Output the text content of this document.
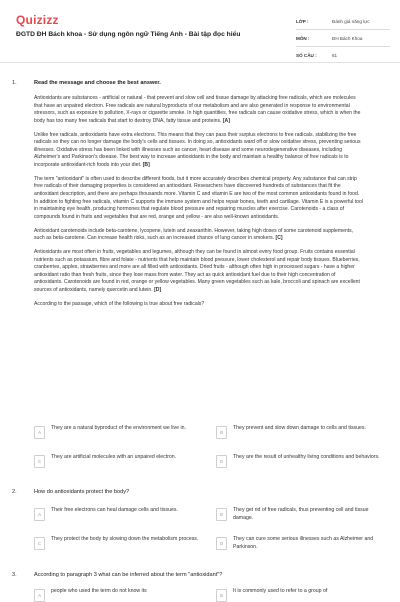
Quizizz
ĐGTD ĐH Bách khoa - Sử dụng ngôn ngữ Tiếng Anh - Bài tập đọc hiểu
LỚP :	Đánh giá năng lực
MÔN :	ĐH Bách Khoa
SỐ CÂU :	61
1.	Read the message and choose the best answer.

Antioxidants are substances - artificial or natural - that prevent and slow cell and tissue damage by attacking free radicals, which are molecules that have an unpaired electron. Free radicals are natural byproducts of our metabolism and are also generated in response to environmental stressors, such as exposure to pollution, X-rays or cigarette smoke. In high quantities, free radicals can cause oxidative stress, which is when the body has too many free radicals that start to destroy DNA, fatty tissue and proteins. [A]

Unlike free radicals, antioxidants have extra electrons. This means that they can pass their surplus electrons to free radicals, stabilizing the free radicals so they can no longer damage the body's cells and tissues. In doing so, antioxidants ward off or slow oxidative stress, preventing serious illnesses. Oxidative stress has been linked with illnesses such as cancer, heart disease and some neurodegenerative diseases, including Alzheimer's and Parkinson's disease. The best way to increase antioxidants in the body and maintain a healthy balance of free radicals is to incorporate antioxidant-rich foods into your diet. [B]

The term "antioxidant" is often used to describe different foods, but it more accurately describes chemical property. Any substance that can strip free radicals of their damaging properties is considered an antioxidant. Researchers have discovered hundreds of substances that fit the antioxidant description, and there are perhaps thousands more. Vitamin C and vitamin E are two of the most common antioxidants found in food. In addition to fighting free radicals, vitamin C supports the immune system and helps repair bones, teeth and cartilage. Vitamin E is a powerful tool in maintaining eye health, producing hormones that regulate blood pressure and repairing muscles after exercise. Carotenoids - a class of compounds found in fruits and vegetables that are red, orange and yellow - are also well-known antioxidants.

Antioxidant carotenoids include beta-carotene, lycopene, lutein and zeaxanthin. However, taking high doses of some carotenoid supplements, such as beta-carotene. Can increase health risks, such as an increased chance of lung cancer in smokers. [C]

Antioxidants are most often in fruits, vegetables and legumes, although they can be found in almost every food group. Fruits contains essential nutrients such as potassium, fibre and folate - nutrients that help maintain blood pressure, lower cholesterol and repair body tissues. Blueberries, cranberries, apples, strawberries and more are all filled with antioxidants. Dried fruits - although often high in processed sugars - have a higher antioxidant ratio than fresh fruits, since they lose mass from water. They act as quick antioxidant fuel due to their high concentration of antioxidants. Carotenoids are found in red, orange or yellow vegetables. Many green vegetables such as kale, broccoli and spinach are excellent sources of antioxidants, namely quercetin and lutein. [D]

According to the passage, which of the following is true about free radicals?

A
They are a natural byproduct of the environment we live in.
B
They prevent and slow down damage to cells and tissues.
C
They are artificial molecules with an unpaired electron.
D
They are the result of unhealthy living conditions and behaviors.
2.	How do antioxidants protect the body?
A
Their free electrons can heal damage cells and tissues.
B
They get rid of free radicals, thus preventing cell and tissue damage.
C
They protect the body by slowing down the metabolism process.
D
They can cure some serious illnesses such as Alzheimer and Parkinson.
3.	According to paragraph 3 what can be inferred about the term "antioxidant"?
A
people who used the term do not know its
B
It is commonly used to refer to a group of
